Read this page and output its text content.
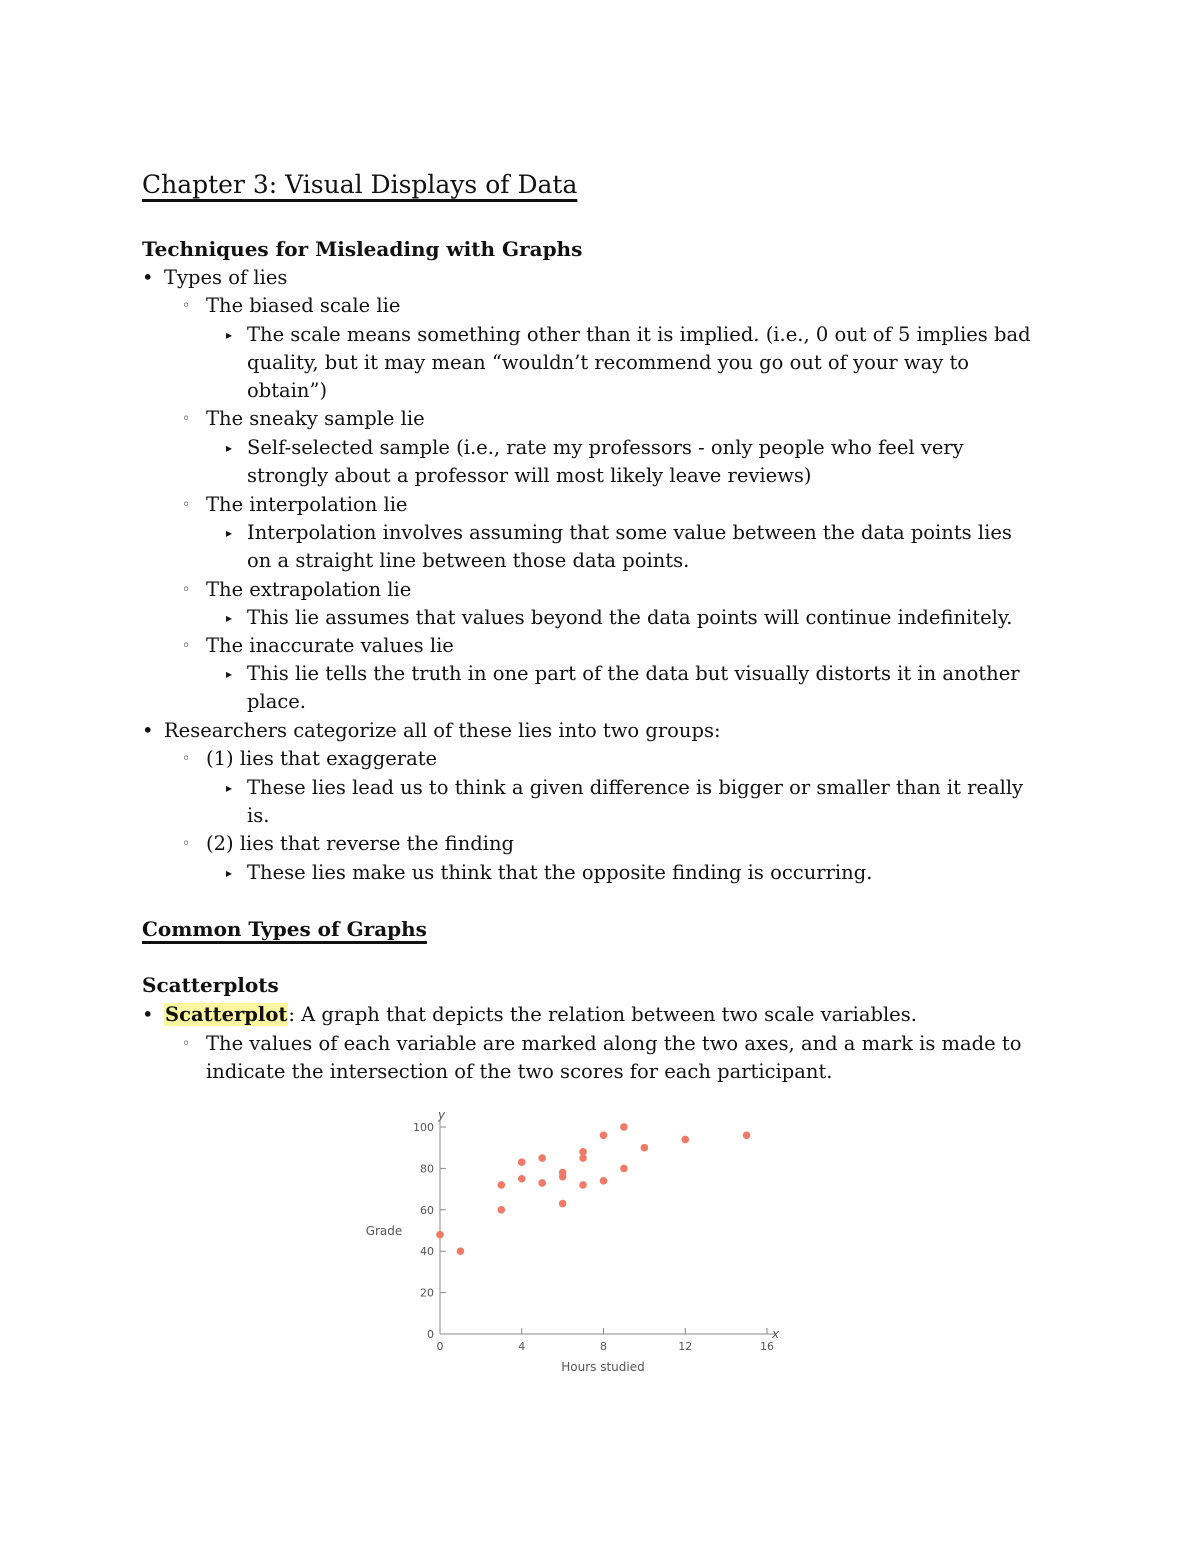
Chapter 3: Visual Displays of Data
Techniques for Misleading with Graphs
• Types of lies
◦ The biased scale lie
▸ The scale means something other than it is implied. (i.e., 0 out of 5 implies bad
quality, but it may mean “wouldn’t recommend you go out of your way to
obtain”)
◦ The sneaky sample lie
▸ Self-selected sample (i.e., rate my professors - only people who feel very
strongly about a professor will most likely leave reviews)
◦ The interpolation lie
▸ Interpolation involves assuming that some value between the data points lies
on a straight line between those data points.
◦ The extrapolation lie
▸ This lie assumes that values beyond the data points will continue indefinitely.
◦ The inaccurate values lie
▸ This lie tells the truth in one part of the data but visually distorts it in another
place.
• Researchers categorize all of these lies into two groups:
◦ (1) lies that exaggerate
▸ These lies lead us to think a given difference is bigger or smaller than it really
is.
◦ (2) lies that reverse the finding
▸ These lies make us think that the opposite finding is occurring.
Common Types of Graphs
Scatterplots
• Scatterplot: A graph that depicts the relation between two scale variables.
◦ The values of each variable are marked along the two axes, and a mark is made to
indicate the intersection of the two scores for each participant.
0
20
40
60
80
100
0	4	8	12	16
y
x
Grade
Hours studied
